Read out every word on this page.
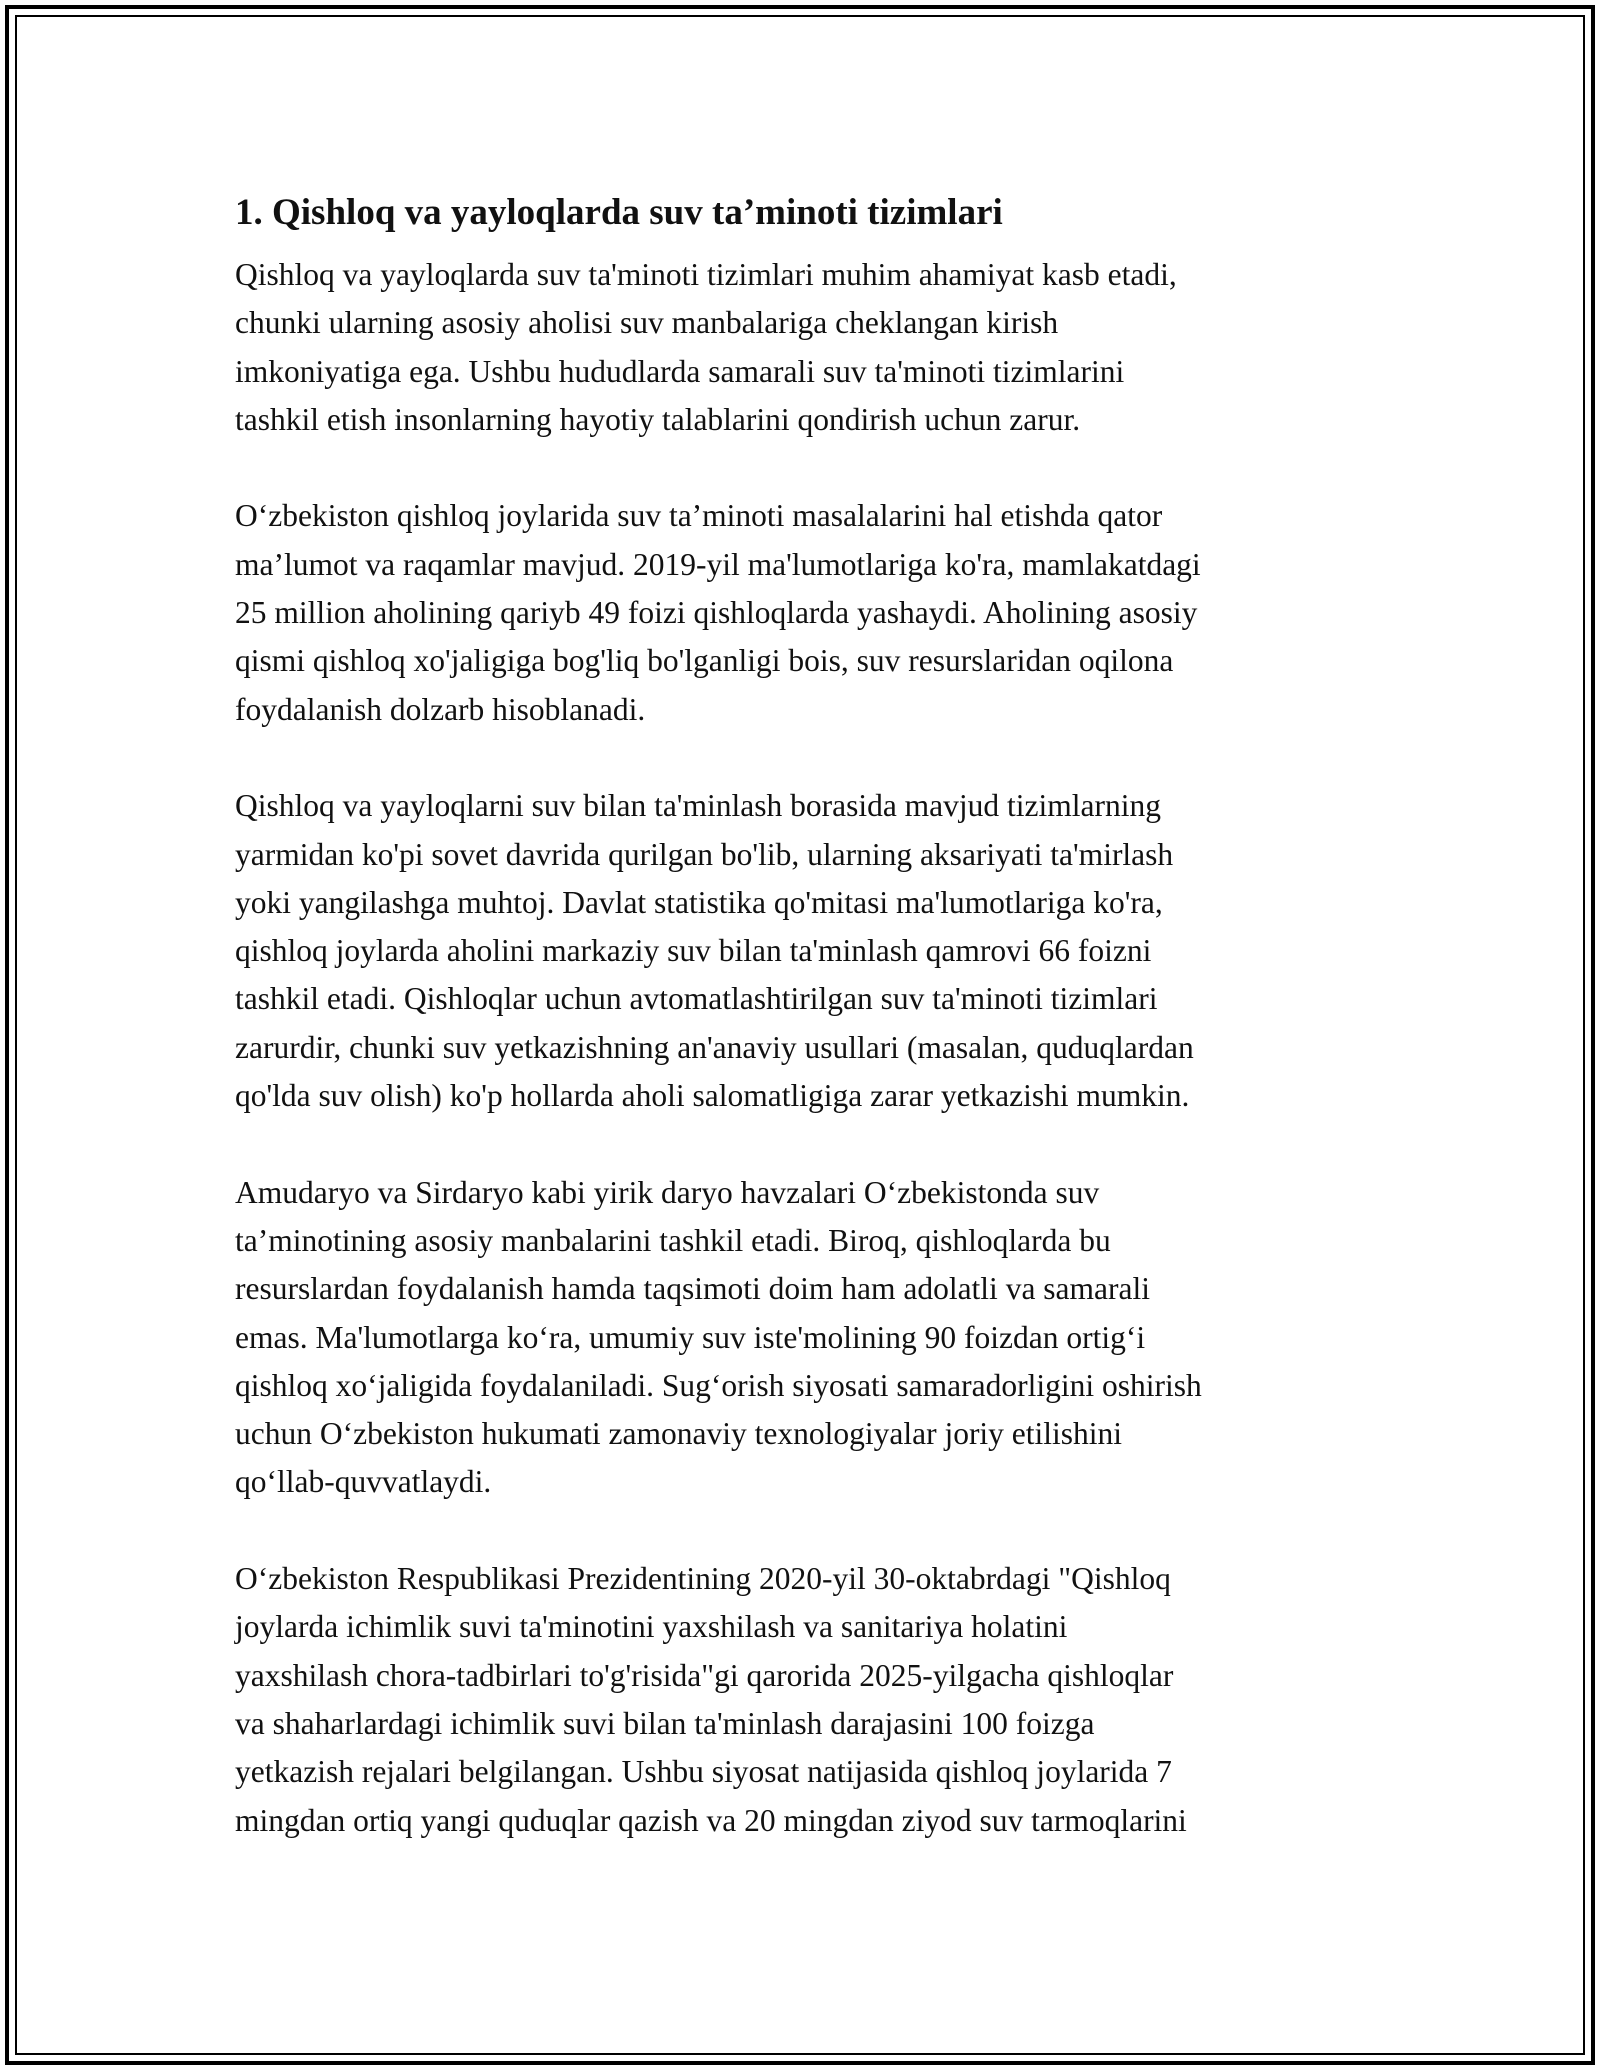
1. Qishloq va yayloqlarda suv ta’minoti tizimlari

Qishloq va yayloqlarda suv ta'minoti tizimlari muhim ahamiyat kasb etadi,
chunki ularning asosiy aholisi suv manbalariga cheklangan kirish
imkoniyatiga ega. Ushbu hududlarda samarali suv ta'minoti tizimlarini
tashkil etish insonlarning hayotiy talablarini qondirish uchun zarur.

O‘zbekiston qishloq joylarida suv ta’minoti masalalarini hal etishda qator
ma’lumot va raqamlar mavjud. 2019-yil ma'lumotlariga ko'ra, mamlakatdagi
25 million aholining qariyb 49 foizi qishloqlarda yashaydi. Aholining asosiy
qismi qishloq xo'jaligiga bog'liq bo'lganligi bois, suv resurslaridan oqilona
foydalanish dolzarb hisoblanadi.

Qishloq va yayloqlarni suv bilan ta'minlash borasida mavjud tizimlarning
yarmidan ko'pi sovet davrida qurilgan bo'lib, ularning aksariyati ta'mirlash
yoki yangilashga muhtoj. Davlat statistika qo'mitasi ma'lumotlariga ko'ra,
qishloq joylarda aholini markaziy suv bilan ta'minlash qamrovi 66 foizni
tashkil etadi. Qishloqlar uchun avtomatlashtirilgan suv ta'minoti tizimlari
zarurdir, chunki suv yetkazishning an'anaviy usullari (masalan, quduqlardan
qo'lda suv olish) ko'p hollarda aholi salomatligiga zarar yetkazishi mumkin.

Amudaryo va Sirdaryo kabi yirik daryo havzalari O‘zbekistonda suv
ta’minotining asosiy manbalarini tashkil etadi. Biroq, qishloqlarda bu
resurslardan foydalanish hamda taqsimoti doim ham adolatli va samarali
emas. Ma'lumotlarga ko‘ra, umumiy suv iste'molining 90 foizdan ortig‘i
qishloq xo‘jaligida foydalaniladi. Sug‘orish siyosati samaradorligini oshirish
uchun O‘zbekiston hukumati zamonaviy texnologiyalar joriy etilishini
qo‘llab-quvvatlaydi.

O‘zbekiston Respublikasi Prezidentining 2020-yil 30-oktabrdagi "Qishloq
joylarda ichimlik suvi ta'minotini yaxshilash va sanitariya holatini
yaxshilash chora-tadbirlari to'g'risida"gi qarorida 2025-yilgacha qishloqlar
va shaharlardagi ichimlik suvi bilan ta'minlash darajasini 100 foizga
yetkazish rejalari belgilangan. Ushbu siyosat natijasida qishloq joylarida 7
mingdan ortiq yangi quduqlar qazish va 20 mingdan ziyod suv tarmoqlarini
